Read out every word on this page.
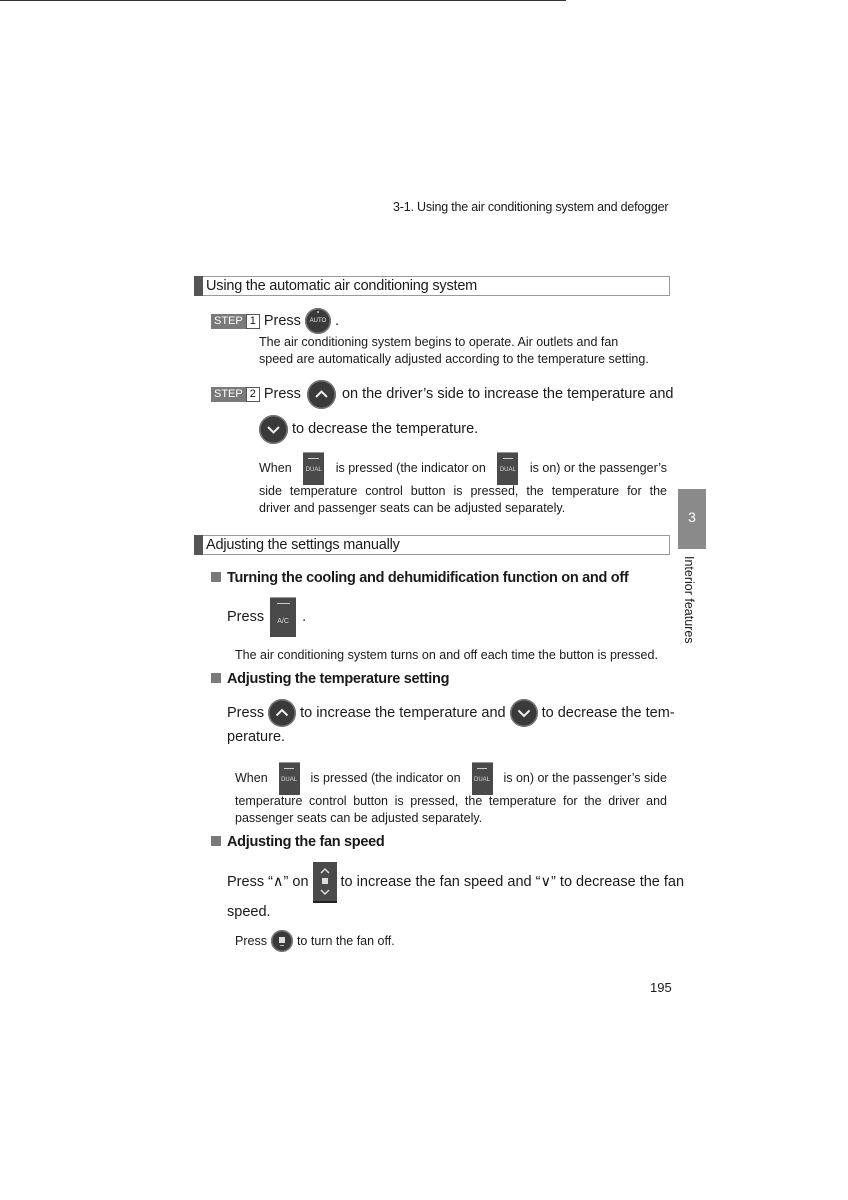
3-1. Using the air conditioning system and defogger
Using the automatic air conditioning system
STEP 1 Press	AUTO .
The air conditioning system begins to operate. Air outlets and fan
speed are automatically adjusted according to the temperature setting.
STEP 2 Press	on the driver’s side to increase the temperature and
to decrease the temperature.
When	DUAL is pressed (the indicator on	DUAL is on) or the passenger’s
side temperature control button is pressed, the temperature for the
driver and passenger seats can be adjusted separately.
Adjusting the settings manually
Turning the cooling and dehumidification function on and off
Press	A/C .
The air conditioning system turns on and off each time the button is pressed.
Adjusting the temperature setting
Press to increase the temperature and to decrease the tem-
perature.
When	DUAL is pressed (the indicator on	DUAL is on) or the passenger’s side
temperature control button is pressed, the temperature for the driver and
passenger seats can be adjusted separately.
Adjusting the fan speed
Press “∧” on to increase the fan speed and “∨” to decrease the fan
speed.
Press to turn the fan off.
3
Interior features
195
